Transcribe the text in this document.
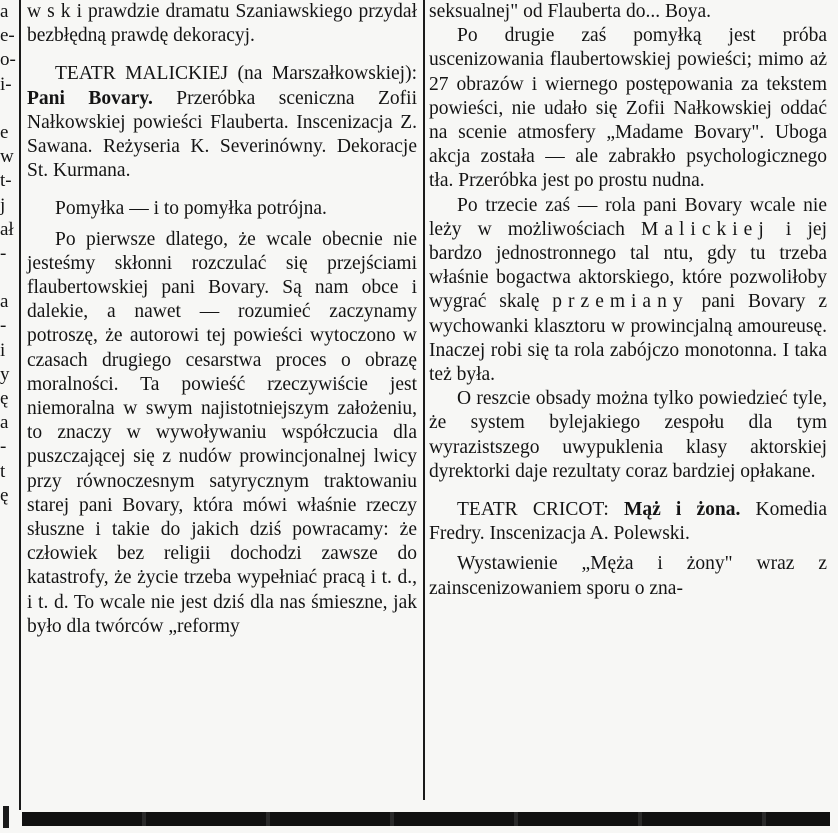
a
e-
o-
i-
e
w
t-
j
ał
-
a
-
i
y
ę
a
-
t
ę

w s k i prawdzie dramatu Szaniawskiego przydał bezbłędną prawdę dekoracyj.

TEATR MALICKIEJ (na Marszałkowskiej): Pani Bovary. Przeróbka sceniczna Zofii Nałkowskiej powieści Flauberta. Inscenizacja Z. Sawana. Reżyseria K. Severinówny. Dekoracje St. Kurmana.

Pomyłka — i to pomyłka potrójna.

Po pierwsze dlatego, że wcale obecnie nie jesteśmy skłonni rozczulać się przejściami flaubertowskiej pani Bovary. Są nam obce i dalekie, a nawet — rozumieć zaczynamy potroszę, że autorowi tej powieści wytoczono w czasach drugiego cesarstwa proces o obrazę moralności. Ta powieść rzeczywiście jest niemoralna w swym najistotniejszym założeniu, to znaczy w wywoływaniu współczucia dla puszczającej się z nudów prowincjonalnej lwicy przy równoczesnym satyrycznym traktowaniu starej pani Bovary, która mówi właśnie rzeczy słuszne i takie do jakich dziś powracamy: że człowiek bez religii dochodzi zawsze do katastrofy, że życie trzeba wypełniać pracą i t. d., i t. d. To wcale nie jest dziś dla nas śmieszne, jak było dla twórców „reformy

seksualnej" od Flauberta do... Boya.

Po drugie zaś pomyłką jest próba uscenizowania flaubertowskiej powieści; mimo aż 27 obrazów i wiernego postępowania za tekstem powieści, nie udało się Zofii Nałkowskiej oddać na scenie atmosfery „Madame Bovary". Uboga akcja została — ale zabrakło psychologicznego tła. Przeróbka jest po prostu nudna.

Po trzecie zaś — rola pani Bovary wcale nie leży w możliwościach Malickiej i jej bardzo jednostronnego tal ntu, gdy tu trzeba właśnie bogactwa aktorskiego, które pozwoliłoby wygrać skalę przemiany pani Bovary z wychowanki klasztoru w prowincjalną amoureusę. Inaczej robi się ta rola zabójczo monotonna. I taka też była.

O reszcie obsady można tylko powiedzieć tyle, że system bylejakiego zespołu dla tym wyrazistszego uwypuklenia klasy aktorskiej dyrektorki daje rezultaty coraz bardziej opłakane.

TEATR CRICOT: Mąż i żona. Komedia Fredry. Inscenizacja A. Polewski.

Wystawienie „Męża i żony" wraz z zainscenizowaniem sporu o zna-
